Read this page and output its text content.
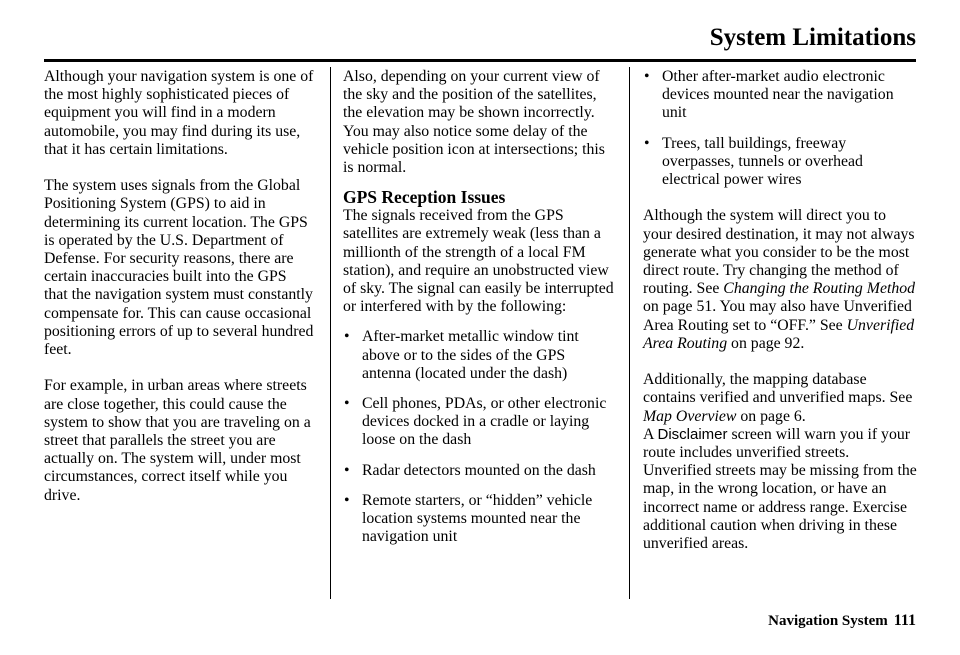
System Limitations

Although your navigation system is one of the most highly sophisticated pieces of equipment you will find in a modern automobile, you may find during its use, that it has certain limitations.

The system uses signals from the Global Positioning System (GPS) to aid in determining its current location. The GPS is operated by the U.S. Department of Defense. For security reasons, there are certain inaccuracies built into the GPS that the navigation system must constantly compensate for. This can cause occasional positioning errors of up to several hundred feet.

For example, in urban areas where streets are close together, this could cause the system to show that you are traveling on a street that parallels the street you are actually on. The system will, under most circumstances, correct itself while you drive.

Also, depending on your current view of the sky and the position of the satellites, the elevation may be shown incorrectly. You may also notice some delay of the vehicle position icon at intersections; this is normal.

GPS Reception Issues

The signals received from the GPS satellites are extremely weak (less than a millionth of the strength of a local FM station), and require an unobstructed view of sky. The signal can easily be interrupted or interfered with by the following:

• After-market metallic window tint above or to the sides of the GPS antenna (located under the dash)
• Cell phones, PDAs, or other electronic devices docked in a cradle or laying loose on the dash
• Radar detectors mounted on the dash
• Remote starters, or “hidden” vehicle location systems mounted near the navigation unit
• Other after-market audio electronic devices mounted near the navigation unit
• Trees, tall buildings, freeway overpasses, tunnels or overhead electrical power wires

Although the system will direct you to your desired destination, it may not always generate what you consider to be the most direct route. Try changing the method of routing. See Changing the Routing Method on page 51. You may also have Unverified Area Routing set to “OFF.” See Unverified Area Routing on page 92.

Additionally, the mapping database contains verified and unverified maps. See Map Overview on page 6.
A Disclaimer screen will warn you if your route includes unverified streets. Unverified streets may be missing from the map, in the wrong location, or have an incorrect name or address range. Exercise additional caution when driving in these unverified areas.

Navigation System 111
